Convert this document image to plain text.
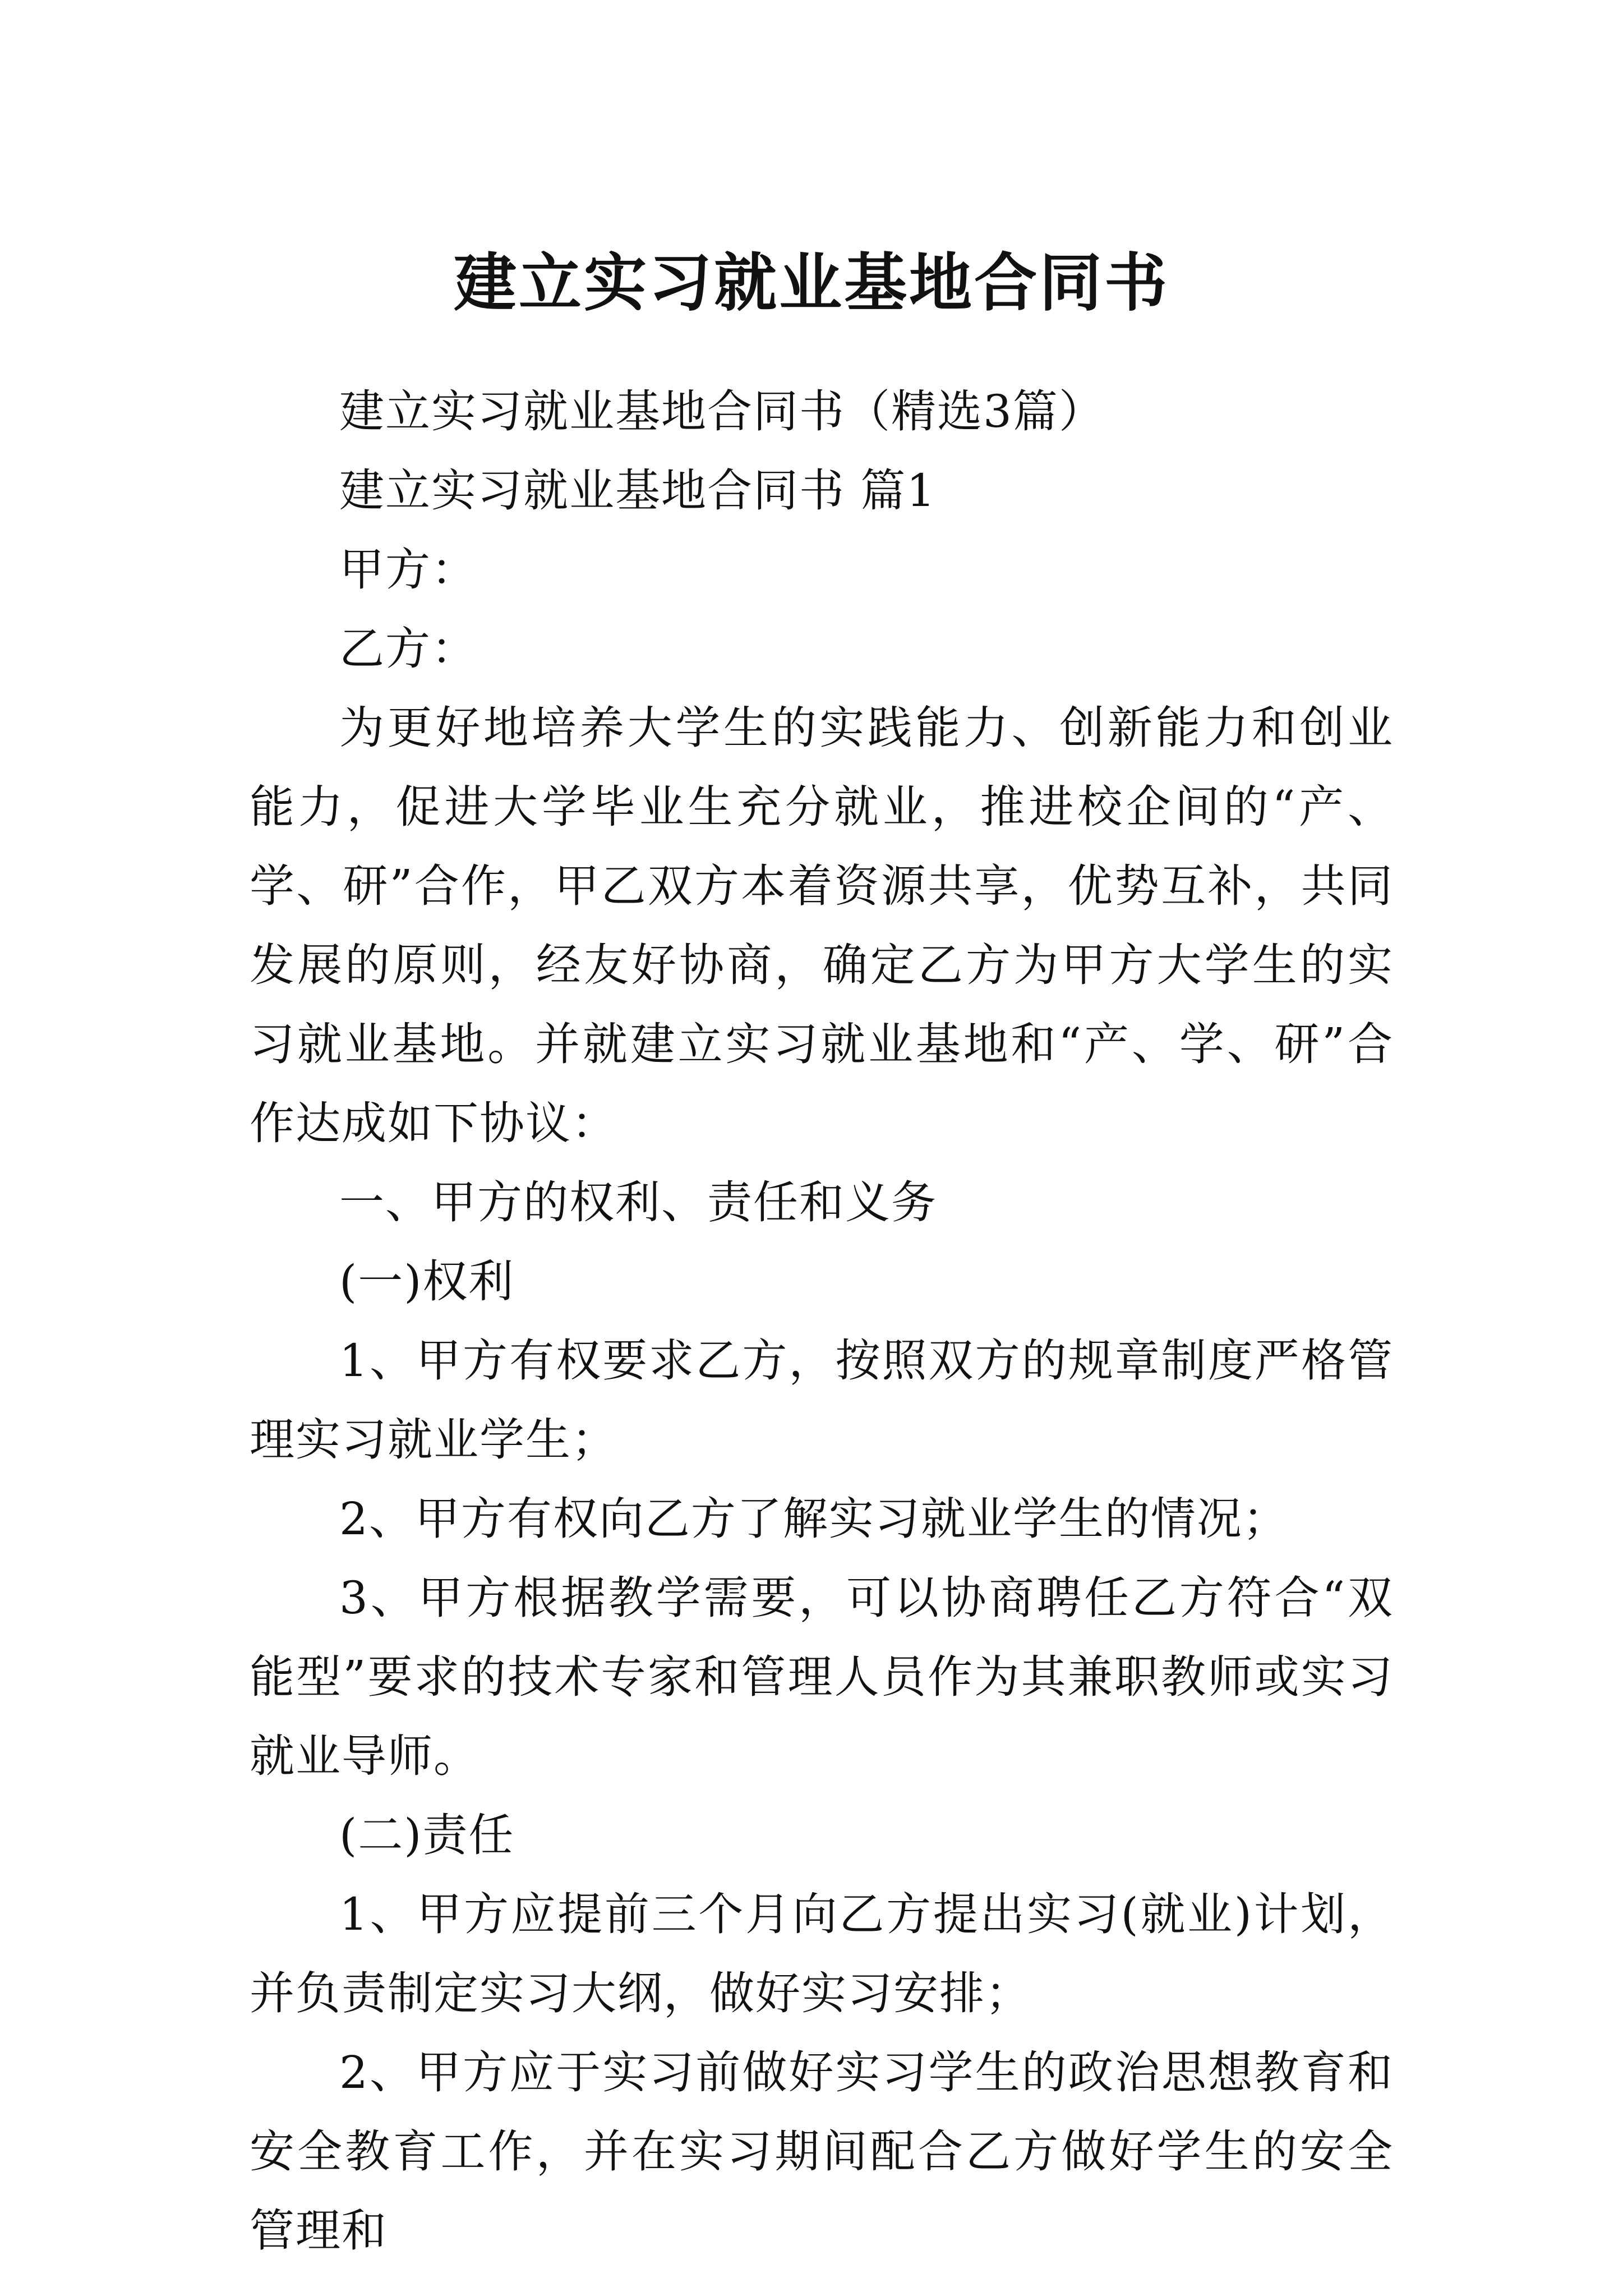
建立实习就业基地合同书

建立实习就业基地合同书（精选3篇）

建立实习就业基地合同书 篇1

甲方：

乙方：

为更好地培养大学生的实践能力、创新能力和创业能力，促进大学毕业生充分就业，推进校企间的“产、学、研”合作，甲乙双方本着资源共享，优势互补，共同发展的原则，经友好协商，确定乙方为甲方大学生的实习就业基地。并就建立实习就业基地和“产、学、研”合作达成如下协议：

一、甲方的权利、责任和义务

(一)权利

1、甲方有权要求乙方，按照双方的规章制度严格管理实习就业学生；

2、甲方有权向乙方了解实习就业学生的情况；

3、甲方根据教学需要，可以协商聘任乙方符合“双能型”要求的技术专家和管理人员作为其兼职教师或实习就业导师。

(二)责任

1、甲方应提前三个月向乙方提出实习(就业)计划，并负责制定实习大纲，做好实习安排；

2、甲方应于实习前做好实习学生的政治思想教育和安全教育工作，并在实习期间配合乙方做好学生的安全管理和
